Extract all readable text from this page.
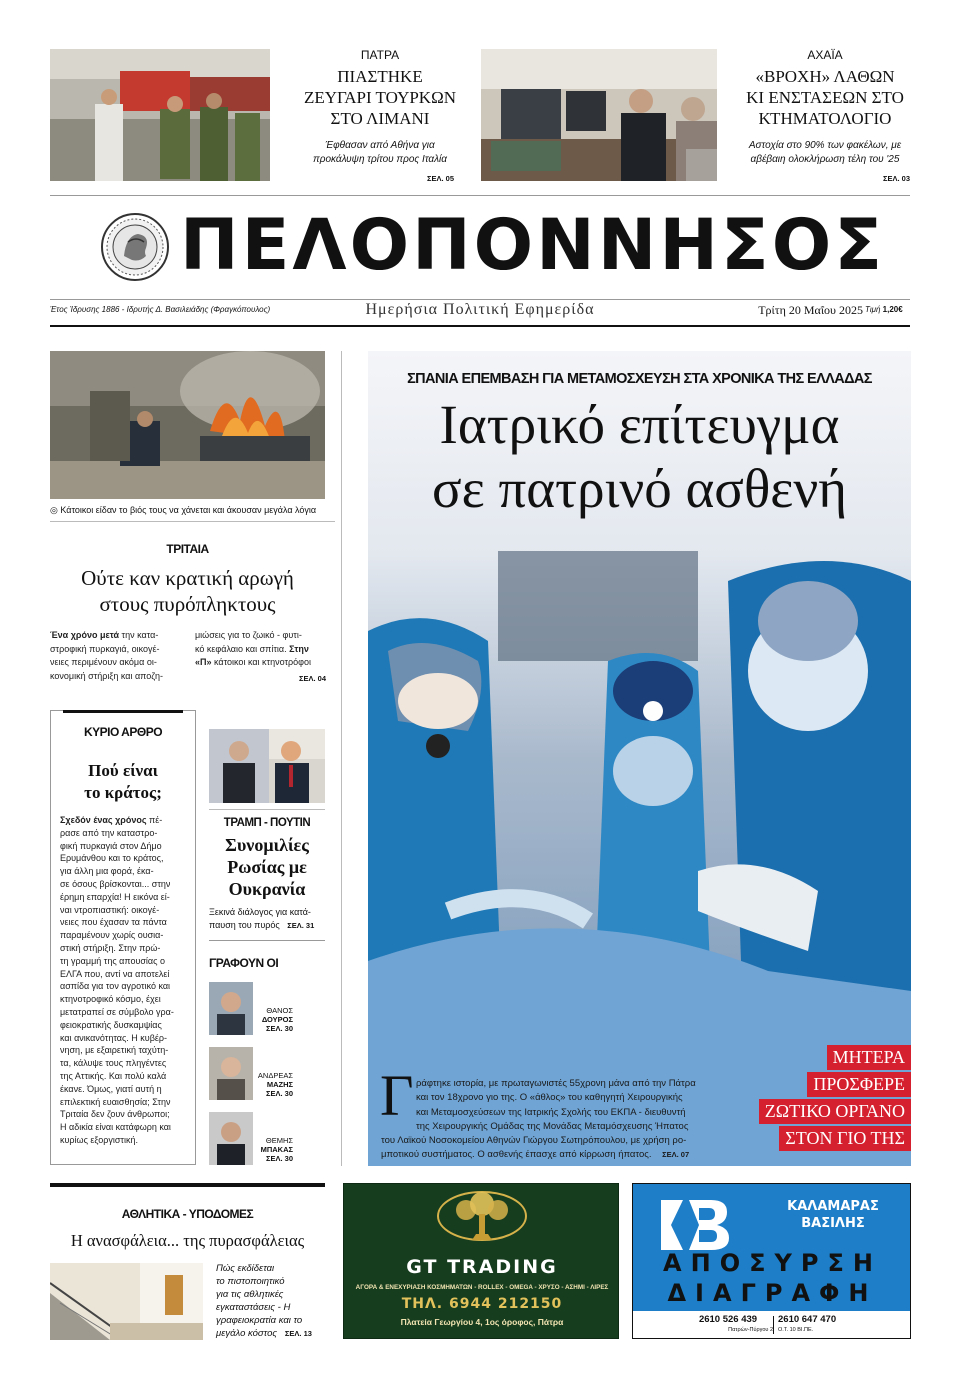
ΠΑΤΡΑ
ΠΙΑΣΤΗΚΕ
ΖΕΥΓΑΡΙ ΤΟΥΡΚΩΝ
ΣΤΟ ΛΙΜΑΝΙ
Έφθασαν από Αθήνα για
προκάλυψη τρίτου προς Ιταλία
ΣΕΛ. 05
ΑΧΑΪΑ
«ΒΡΟΧΗ» ΛΑΘΩΝ
ΚΙ ΕΝΣΤΑΣΕΩΝ ΣΤΟ
ΚΤΗΜΑΤΟΛΟΓΙΟ
Αστοχία στο 90% των φακέλων, με
αβέβαιη ολοκλήρωση τέλη του '25
ΣΕΛ. 03
ΠΕΛΟΠΟΝΝΗΣΟΣ
Έτος Ίδρυσης 1886 - Ιδρυτής Δ. Βασιλειάδης (Φραγκόπουλος)	Ημερήσια Πολιτική Εφημερίδα	Τρίτη 20 Μαΐου 2025 Τιμή 1,20€
◎ Κάτοικοι είδαν το βιός τους να χάνεται και άκουσαν μεγάλα λόγια
ΤΡΙΤΑΙΑ
Ούτε καν κρατική αρωγή
στους πυρόπληκτους
Ένα χρόνο μετά την κατα-
στροφική πυρκαγιά, οικογέ-
νειες περιμένουν ακόμα οι-
κονομική στήριξη και αποζη-
μιώσεις για το ζωικό - φυτι-
κό κεφάλαιο και σπίτια. Στην
«Π» κάτοικοι και κτηνοτρόφοι
ΣΕΛ. 04
ΚΥΡΙΟ ΑΡΘΡΟ
Πού είναι
το κράτος;
Σχεδόν ένας χρόνος πέ-
ρασε από την καταστρο-
φική πυρκαγιά στον Δήμο
Ερυμάνθου και το κράτος,
για άλλη μια φορά, έκα-
σε όσους βρίσκονται... στην
έρημη επαρχία! Η εικόνα εί-
ναι ντροπιαστική: οικογέ-
νειες που έχασαν τα πάντα
παραμένουν χωρίς ουσια-
στική στήριξη. Στην πρώ-
τη γραμμή της απουσίας ο
ΕΛΓΑ που, αντί να αποτελεί
ασπίδα για τον αγροτικό και
κτηνοτροφικό κόσμο, έχει
μετατραπεί σε σύμβολο γρα-
φειοκρατικής δυσκαμψίας
και ανικανότητας. Η κυβέρ-
νηση, με εξαιρετική ταχύτη-
τα, κάλυψε τους πληγέντες
της Αττικής. Και πολύ καλά
έκανε. Όμως, γιατί αυτή η
επιλεκτική ευαισθησία; Στην
Τριταία δεν ζουν άνθρωποι;
Η αδικία είναι κατάφωρη και
κυρίως εξοργιστική.
ΤΡΑΜΠ - ΠΟΥΤΙΝ
Συνομιλίες
Ρωσίας με
Ουκρανία
Ξεκινά διάλογος για κατά-
παυση του πυρός ΣΕΛ. 31
ΓΡΑΦΟΥΝ ΟΙ
ΘΑΝΟΣ
ΔΟΥΡΟΣ
ΣΕΛ. 30
ΑΝΔΡΕΑΣ
ΜΑΖΗΣ
ΣΕΛ. 30
ΘΕΜΗΣ
ΜΠΑΚΑΣ
ΣΕΛ. 30
ΣΠΑΝΙΑ ΕΠΕΜΒΑΣΗ ΓΙΑ ΜΕΤΑΜΟΣΧΕΥΣΗ ΣΤΑ ΧΡΟΝΙΚΑ ΤΗΣ ΕΛΛΑΔΑΣ
Ιατρικό επίτευγμα
σε πατρινό ασθενή
ΜΗΤΕΡΑ
ΠΡΟΣΦΕΡΕ
ΖΩΤΙΚΟ ΟΡΓΑΝΟ
ΣΤΟΝ ΓΙΟ ΤΗΣ
Γ ράφτηκε ιστορία, με πρωταγωνιστές 55χρονη μάνα από την Πάτρα
και τον 18χρονο γιο της. Ο «άθλος» του καθηγητή Χειρουργικής
και Μεταμοσχεύσεων της Ιατρικής Σχολής του ΕΚΠΑ - διευθυντή
της Χειρουργικής Ομάδας της Μονάδας Μεταμόσχευσης Ήπατος
του Λαϊκού Νοσοκομείου Αθηνών Γιώργου Σωτηρόπουλου, με χρήση ρο-
μποτικού συστήματος. Ο ασθενής έπασχε από κίρρωση ήπατος. ΣΕΛ. 07
ΑΘΛΗΤΙΚΑ - ΥΠΟΔΟΜΕΣ
Η ανασφάλεια... της πυρασφάλειας
Πώς εκδίδεται
το πιστοποιητικό
για τις αθλητικές
εγκαταστάσεις - Η
γραφειοκρατία και το
μεγάλο κόστος ΣΕΛ. 13
GT TRADING
ΑΓΟΡΑ & ΕΝΕΧΥΡΙΑΣΗ ΚΟΣΜΗΜΑΤΩΝ - ROLLEX - OMEGA - ΧΡΥΣΟ - ΑΣΗΜΙ - ΛΙΡΕΣ
ΤΗΛ. 6944 212150
Πλατεία Γεωργίου 4, 1ος όροφος, Πάτρα
ΚΑΛΑΜΑΡΑΣ
ΒΑΣΙΛΗΣ
ΑΠΟΣΥΡΣΗ
ΔΙΑΓΡΑΦΗ
2610 526 439
Πατρών-Πύργου 2
2610 647 470
Ο.Τ. 10 ΒΙ.ΠΕ.
